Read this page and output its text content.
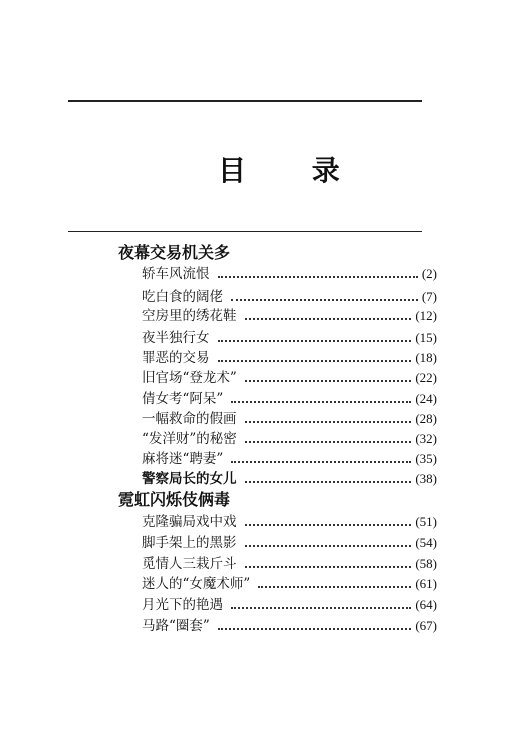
目 录
夜幕交易机关多
轿车风流恨	(2)
吃白食的阔佬	(7)
空房里的绣花鞋	(12)
夜半独行女	(15)
罪恶的交易	(18)
旧官场“登龙术”	(22)
倩女考“阿呆”	(24)
一幅救命的假画	(28)
“发洋财”的秘密	(32)
麻将迷“聘妻”	(35)
警察局长的女儿	(38)
霓虹闪烁伎俩毒
克隆骗局戏中戏	(51)
脚手架上的黑影	(54)
觅情人三栽斤斗	(58)
迷人的“女魔术师”	(61)
月光下的艳遇	(64)
马路“圈套”	(67)
